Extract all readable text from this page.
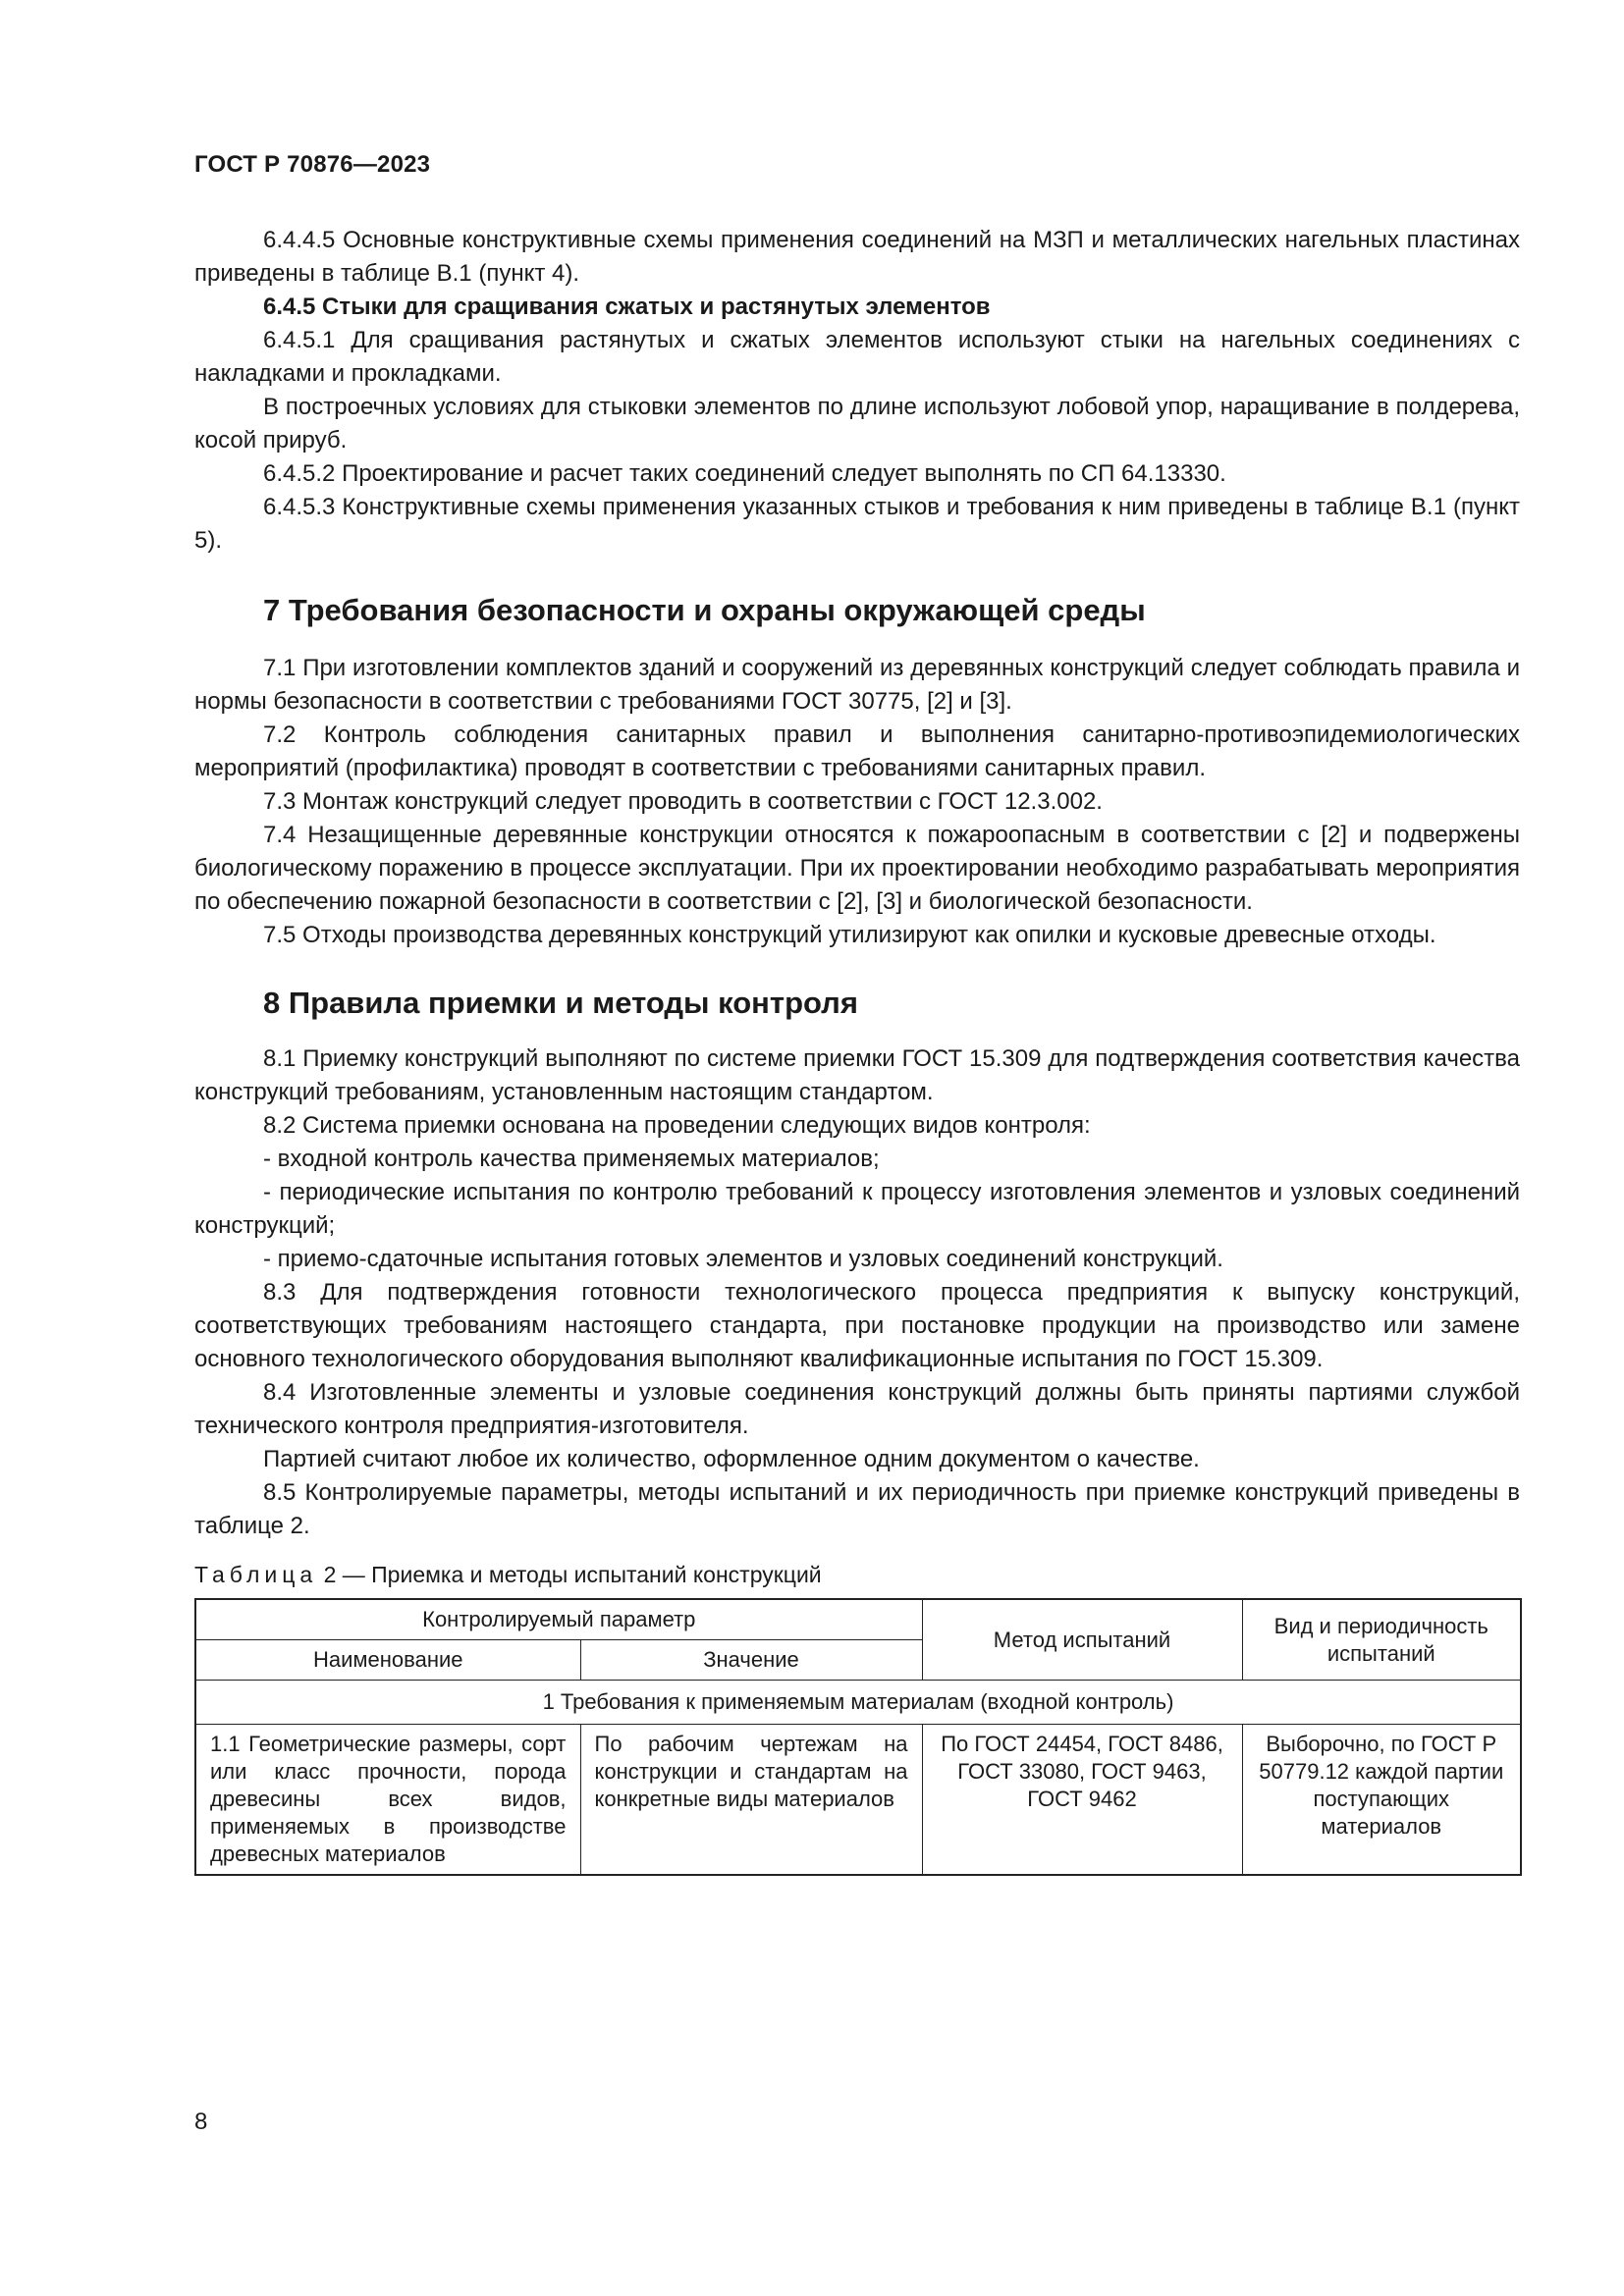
ГОСТ Р 70876—2023

6.4.4.5 Основные конструктивные схемы применения соединений на МЗП и металлических нагельных пластинах приведены в таблице В.1 (пункт 4).

6.4.5 Стыки для сращивания сжатых и растянутых элементов

6.4.5.1 Для сращивания растянутых и сжатых элементов используют стыки на нагельных соединениях с накладками и прокладками.

В построечных условиях для стыковки элементов по длине используют лобовой упор, наращивание в полдерева, косой прируб.

6.4.5.2 Проектирование и расчет таких соединений следует выполнять по СП 64.13330.

6.4.5.3 Конструктивные схемы применения указанных стыков и требования к ним приведены в таблице В.1 (пункт 5).

7 Требования безопасности и охраны окружающей среды

7.1 При изготовлении комплектов зданий и сооружений из деревянных конструкций следует соблюдать правила и нормы безопасности в соответствии с требованиями ГОСТ 30775, [2] и [3].

7.2 Контроль соблюдения санитарных правил и выполнения санитарно-противоэпидемиологических мероприятий (профилактика) проводят в соответствии с требованиями санитарных правил.

7.3 Монтаж конструкций следует проводить в соответствии с ГОСТ 12.3.002.

7.4 Незащищенные деревянные конструкции относятся к пожароопасным в соответствии с [2] и подвержены биологическому поражению в процессе эксплуатации. При их проектировании необходимо разрабатывать мероприятия по обеспечению пожарной безопасности в соответствии с [2], [3] и биологической безопасности.

7.5 Отходы производства деревянных конструкций утилизируют как опилки и кусковые древесные отходы.

8 Правила приемки и методы контроля

8.1 Приемку конструкций выполняют по системе приемки ГОСТ 15.309 для подтверждения соответствия качества конструкций требованиям, установленным настоящим стандартом.

8.2 Система приемки основана на проведении следующих видов контроля:

- входной контроль качества применяемых материалов;

- периодические испытания по контролю требований к процессу изготовления элементов и узловых соединений конструкций;

- приемо-сдаточные испытания готовых элементов и узловых соединений конструкций.

8.3 Для подтверждения готовности технологического процесса предприятия к выпуску конструкций, соответствующих требованиям настоящего стандарта, при постановке продукции на производство или замене основного технологического оборудования выполняют квалификационные испытания по ГОСТ 15.309.

8.4 Изготовленные элементы и узловые соединения конструкций должны быть приняты партиями службой технического контроля предприятия-изготовителя.

Партией считают любое их количество, оформленное одним документом о качестве.

8.5 Контролируемые параметры, методы испытаний и их периодичность при приемке конструкций приведены в таблице 2.

Таблица 2 — Приемка и методы испытаний конструкций
Контролируемый параметр		Метод испытаний	Вид и периодичность испытаний
Наименование	Значение		
1 Требования к применяемым материалам (входной контроль)			
1.1 Геометрические размеры, сорт или класс прочности, порода древесины всех видов, применяемых в производстве древесных материалов	По рабочим чертежам на конструкции и стандартам на конкретные виды материалов	По ГОСТ 24454, ГОСТ 8486, ГОСТ 33080, ГОСТ 9463, ГОСТ 9462	Выборочно, по ГОСТ Р 50779.12 каждой партии поступающих материалов
8
